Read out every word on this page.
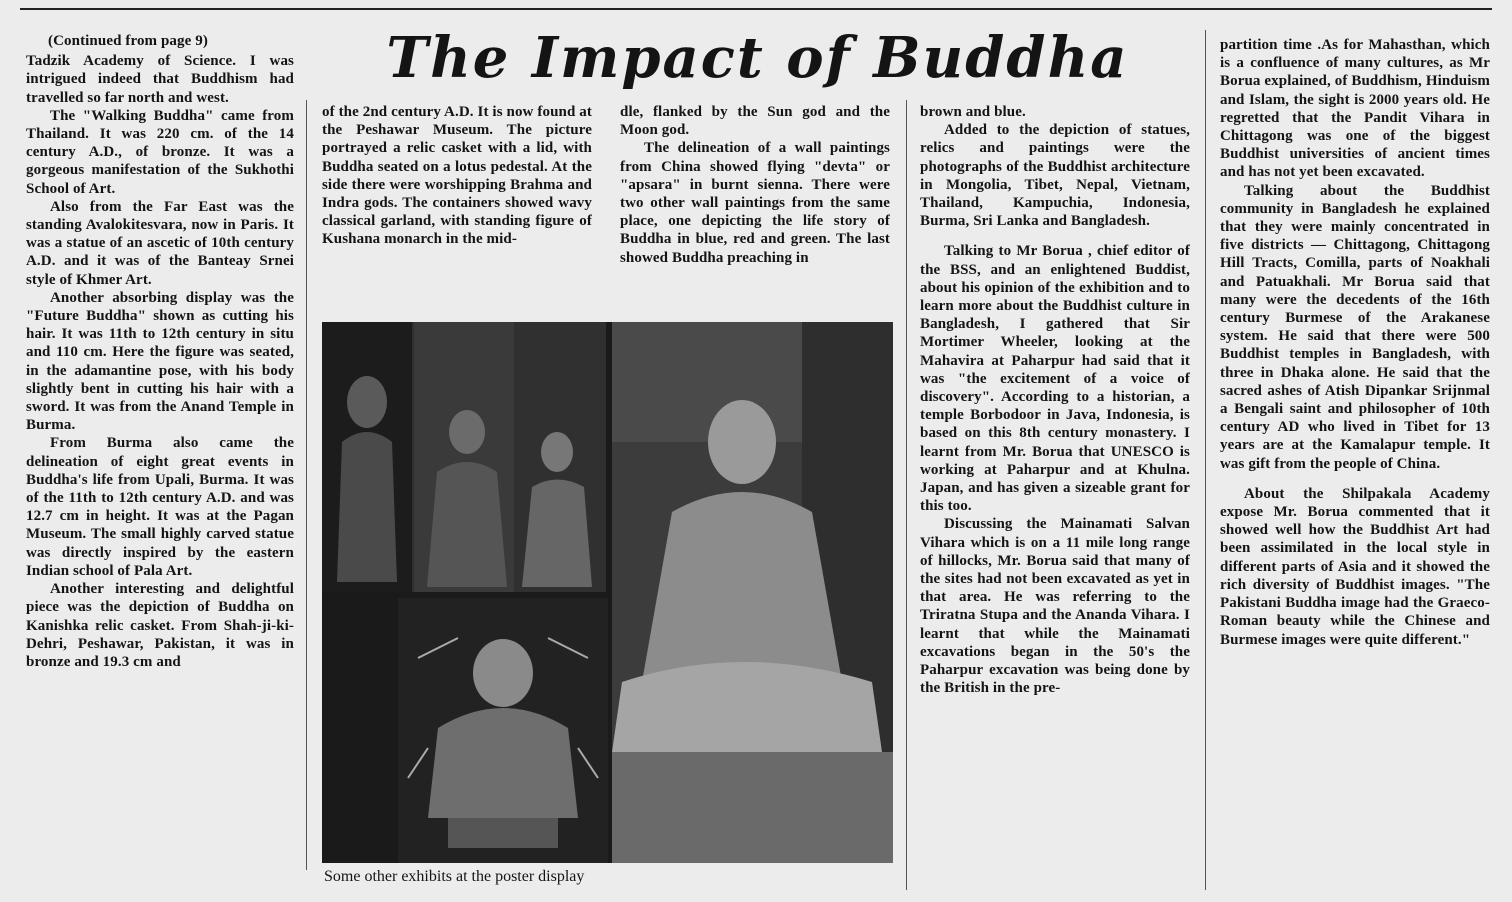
The Impact of Buddha
(Continued from page 9)

Tadzik Academy of Science. I was intrigued indeed that Buddhism had travelled so far north and west.

The "Walking Buddha" came from Thailand. It was 220 cm. of the 14 century A.D., of bronze. It was a gorgeous manifestation of the Sukhothi School of Art.

Also from the Far East was the standing Avalokitesvara, now in Paris. It was a statue of an ascetic of 10th century A.D. and it was of the Banteay Srnei style of Khmer Art.

Another absorbing display was the "Future Buddha" shown as cutting his hair. It was 11th to 12th century in situ and 110 cm. Here the figure was seated, in the adamantine pose, with his body slightly bent in cutting his hair with a sword. It was from the Anand Temple in Burma.

From Burma also came the delineation of eight great events in Buddha's life from Upali, Burma. It was of the 11th to 12th century A.D. and was 12.7 cm in height. It was at the Pagan Museum. The small highly carved statue was directly inspired by the eastern Indian school of Pala Art.

Another interesting and delightful piece was the depiction of Buddha on Kanishka relic casket. From Shah-ji-ki-Dehri, Peshawar, Pakistan, it was in bronze and 19.3 cm and

of the 2nd century A.D. It is now found at the Peshawar Museum. The picture portrayed a relic casket with a lid, with Buddha seated on a lotus pedestal. At the side there were worshipping Brahma and Indra gods. The containers showed wavy classical garland, with standing figure of Kushana monarch in the mid-

dle, flanked by the Sun god and the Moon god.

The delineation of a wall paintings from China showed flying "devta" or "apsara" in burnt sienna. There were two other wall paintings from the same place, one depicting the life story of Buddha in blue, red and green. The last showed Buddha preaching in

Some other exhibits at the poster display

brown and blue.

Added to the depiction of statues, relics and paintings were the photographs of the Buddhist architecture in Mongolia, Tibet, Nepal, Vietnam, Thailand, Kampuchia, Indonesia, Burma, Sri Lanka and Bangladesh.

Talking to Mr Borua , chief editor of the BSS, and an enlightened Buddist, about his opinion of the exhibition and to learn more about the Buddhist culture in Bangladesh, I gathered that Sir Mortimer Wheeler, looking at the Mahavira at Paharpur had said that it was "the excitement of a voice of discovery". According to a historian, a temple Borbodoor in Java, Indonesia, is based on this 8th century monastery. I learnt from Mr. Borua that UNESCO is working at Paharpur and at Khulna. Japan, and has given a sizeable grant for this too.

Discussing the Mainamati Salvan Vihara which is on a 11 mile long range of hillocks, Mr. Borua said that many of the sites had not been excavated as yet in that area. He was referring to the Triratna Stupa and the Ananda Vihara. I learnt that while the Mainamati excavations began in the 50's the Paharpur excavation was being done by the British in the pre-

partition time .As for Mahasthan, which is a confluence of many cultures, as Mr Borua explained, of Buddhism, Hinduism and Islam, the sight is 2000 years old. He regretted that the Pandit Vihara in Chittagong was one of the biggest Buddhist universities of ancient times and has not yet been excavated.

Talking about the Buddhist community in Bangladesh he explained that they were mainly concentrated in five districts — Chittagong, Chittagong Hill Tracts, Comilla, parts of Noakhali and Patuakhali. Mr Borua said that many were the decedents of the 16th century Burmese of the Arakanese system. He said that there were 500 Buddhist temples in Bangladesh, with three in Dhaka alone. He said that the sacred ashes of Atish Dipankar Srijnmal a Bengali saint and philosopher of 10th century AD who lived in Tibet for 13 years are at the Kamalapur temple. It was gift from the people of China.

About the Shilpakala Academy expose Mr. Borua commented that it showed well how the Buddhist Art had been assimilated in the local style in different parts of Asia and it showed the rich diversity of Buddhist images. "The Pakistani Buddha image had the Graeco-Roman beauty while the Chinese and Burmese images were quite different."
